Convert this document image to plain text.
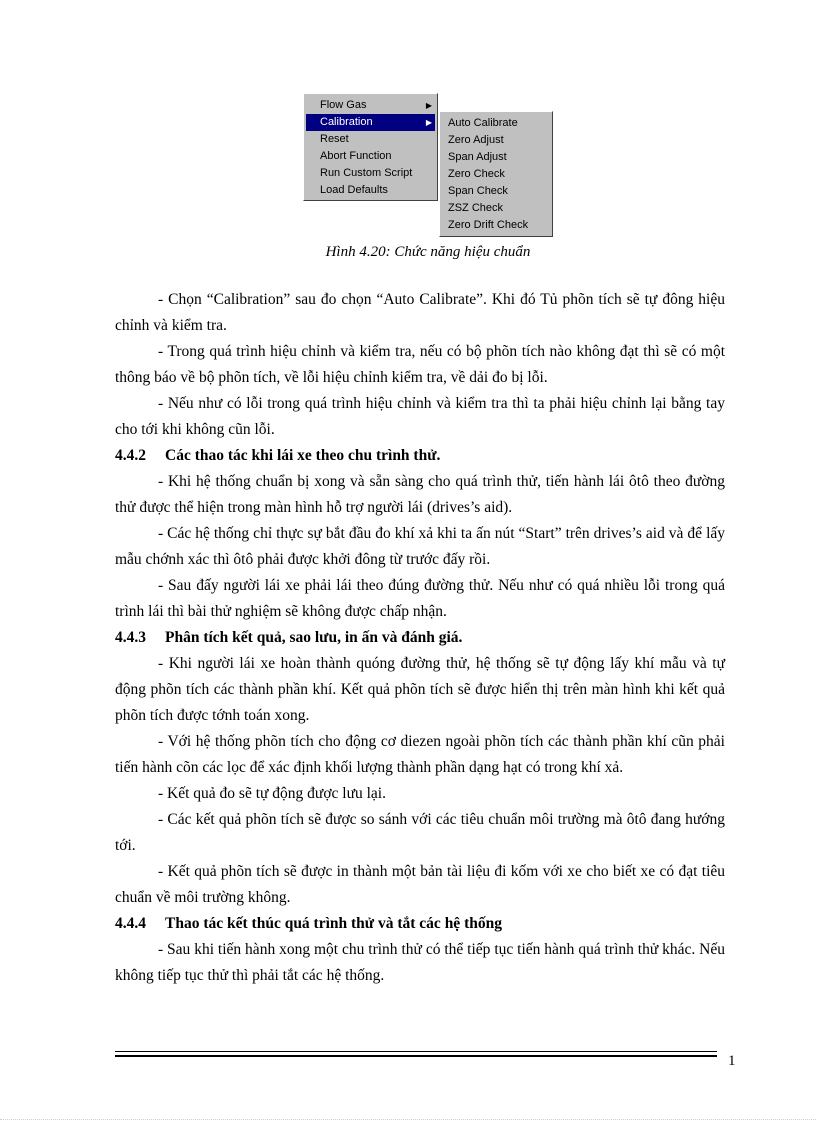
Flow Gas	▶
Calibration	▶
Reset
Abort Function
Run Custom Script
Load Defaults
Auto Calibrate
Zero Adjust
Span Adjust
Zero Check
Span Check
ZSZ Check
Zero Drift Check
Hình 4.20: Chức năng hiệu chuẩn

- Chọn “Calibration” sau đo chọn “Auto Calibrate”. Khi đó Tủ phõn tích sẽ tự đông hiệu chỉnh và kiểm tra.

- Trong quá trình hiệu chỉnh và kiểm tra, nếu có bộ phõn tích nào không đạt thì sẽ có một thông báo về bộ phõn tích, về lỗi hiệu chỉnh kiểm tra, về dải đo bị lỗi.

- Nếu như có lỗi trong quá trình hiệu chỉnh và kiểm tra thì ta phải hiệu chỉnh lại bằng tay cho tới khi không cũn lỗi.

4.4.2 Các thao tác khi lái xe theo chu trình thử.

- Khi hệ thống chuẩn bị xong và sẵn sàng cho quá trình thử, tiến hành lái ôtô theo đường thử được thể hiện trong màn hình hỗ trợ người lái (drives’s aid).

- Các hệ thống chỉ thực sự bắt đầu đo khí xả khi ta ấn nút “Start” trên drives’s aid và để lấy mẫu chớnh xác thì ôtô phải được khởi đông từ trước đấy rồi.

- Sau đấy người lái xe phải lái theo đúng đường thử. Nếu như có quá nhiều lỗi trong quá trình lái thì bài thử nghiệm sẽ không được chấp nhận.

4.4.3 Phân tích kết quả, sao lưu, in ấn và đánh giá.

- Khi người lái xe hoàn thành quóng đường thử, hệ thống sẽ tự động lấy khí mẫu và tự động phõn tích các thành phần khí. Kết quả phõn tích sẽ được hiển thị trên màn hình khi kết quả phõn tích được tớnh toán xong.

- Với hệ thống phõn tích cho động cơ diezen ngoài phõn tích các thành phần khí cũn phải tiến hành cõn các lọc để xác định khối lượng thành phần dạng hạt có trong khí xả.

- Kết quả đo sẽ tự động được lưu lại.

- Các kết quả phõn tích sẽ được so sánh với các tiêu chuẩn môi trường mà ôtô đang hướng tới.

- Kết quả phõn tích sẽ được in thành một bản tài liệu đi kốm với xe cho biết xe có đạt tiêu chuẩn về môi trường không.

4.4.4 Thao tác kết thúc quá trình thử và tắt các hệ thống

- Sau khi tiến hành xong một chu trình thử có thể tiếp tục tiến hành quá trình thử khác. Nếu không tiếp tục thử thì phải tắt các hệ thống.

1
